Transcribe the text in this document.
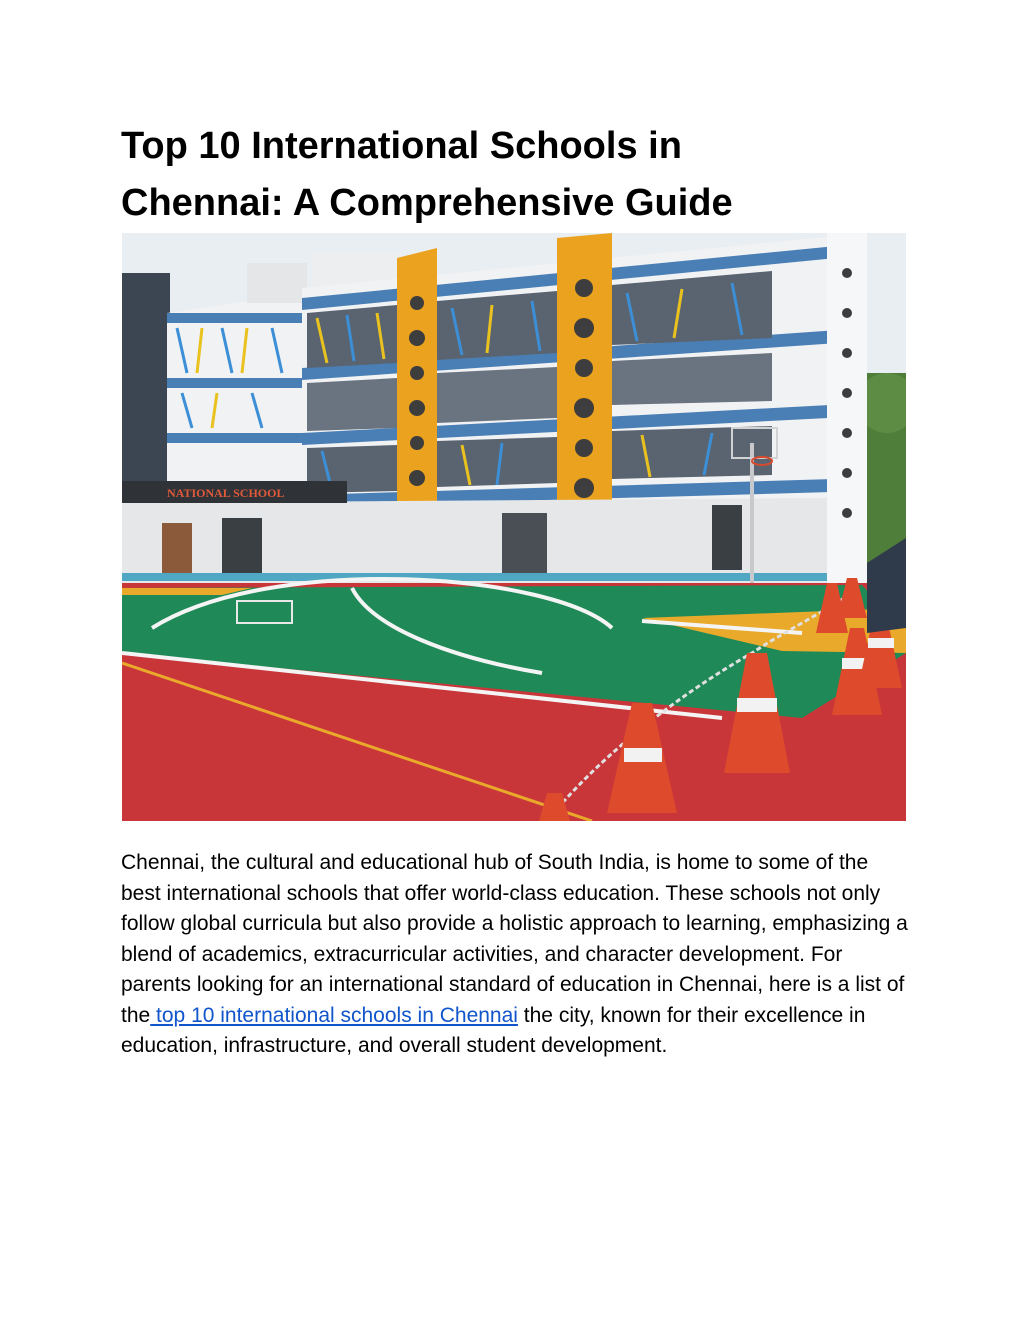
Top 10 International Schools in
Chennai: A Comprehensive Guide
NATIONAL SCHOOL

Chennai, the cultural and educational hub of South India, is home to some of the best international schools that offer world-class education. These schools not only follow global curricula but also provide a holistic approach to learning, emphasizing a blend of academics, extracurricular activities, and character development. For parents looking for an international standard of education in Chennai, here is a list of the top 10 international schools in Chennai the city, known for their excellence in education, infrastructure, and overall student development.
